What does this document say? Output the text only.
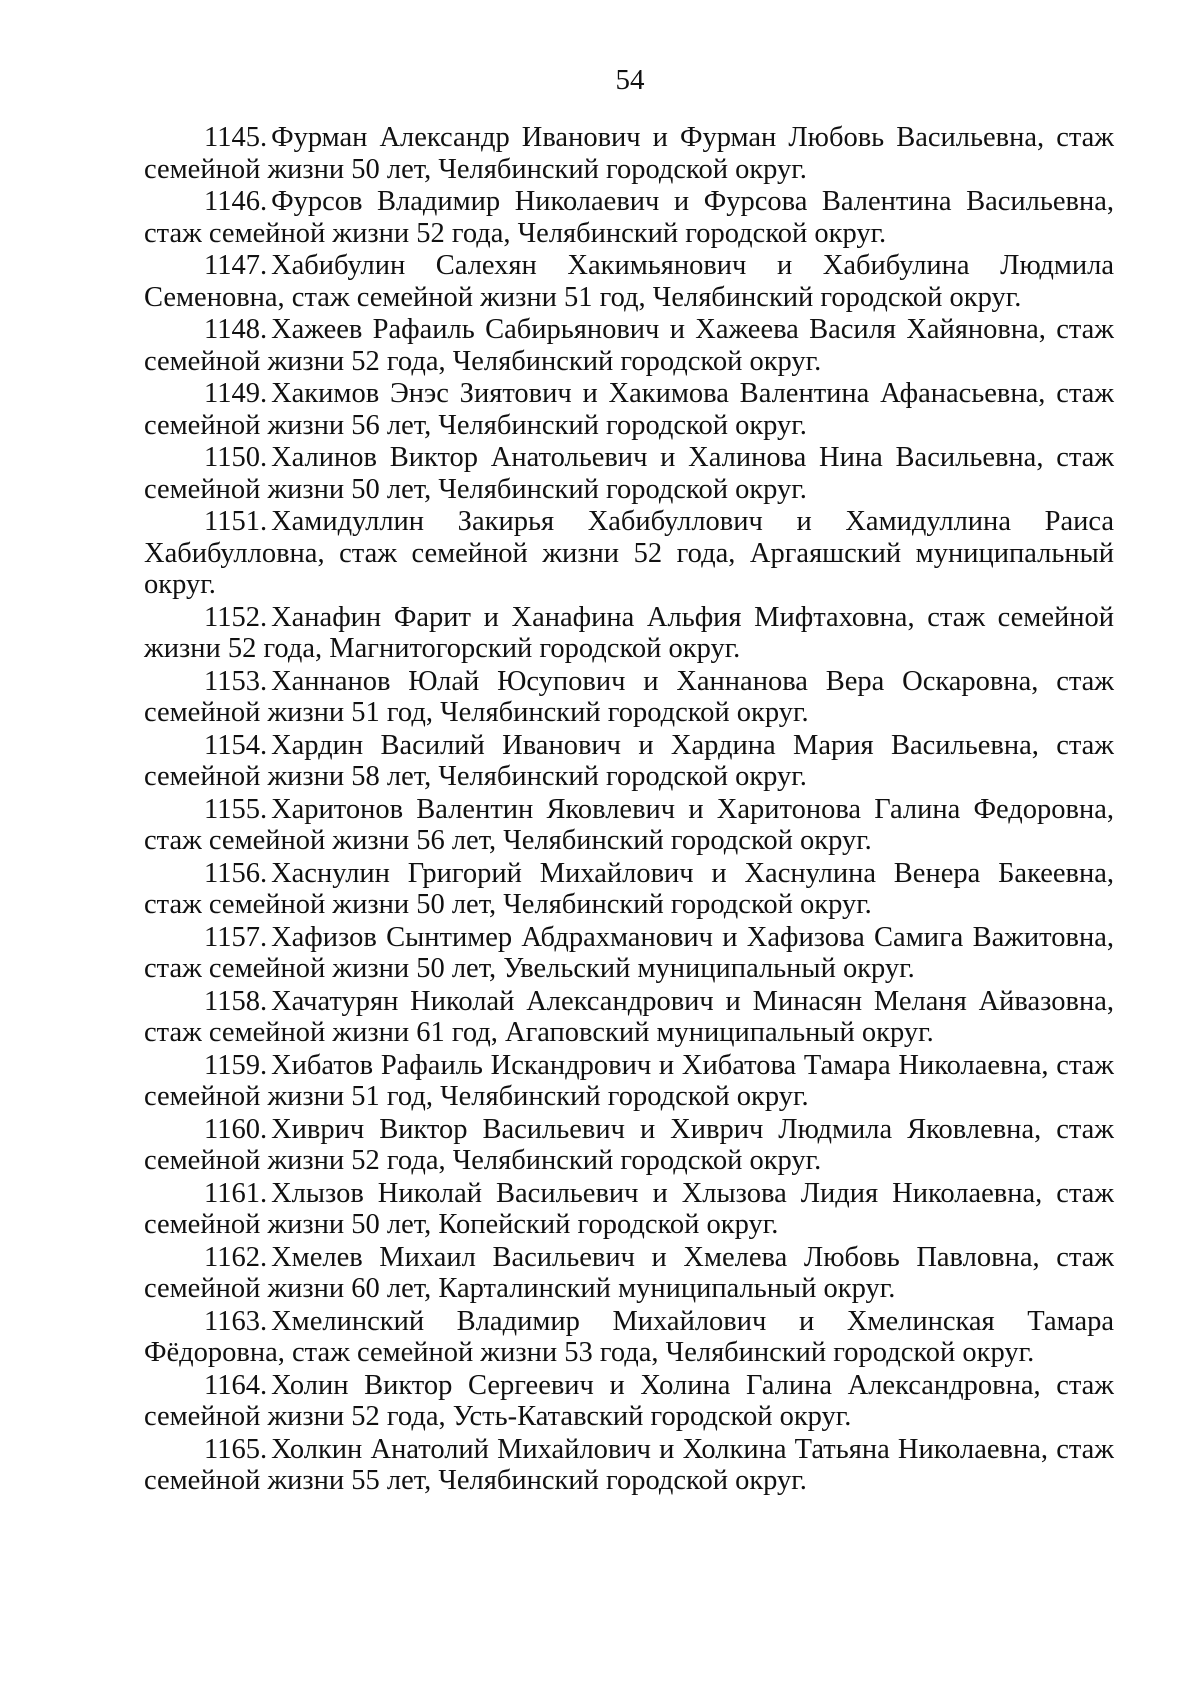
54
1145. Фурман Александр Иванович и Фурман Любовь Васильевна, стаж семейной жизни 50 лет, Челябинский городской округ.
1146. Фурсов Владимир Николаевич и Фурсова Валентина Васильевна, стаж семейной жизни 52 года, Челябинский городской округ.
1147. Хабибулин Салехян Хакимьянович и Хабибулина Людмила Семеновна, стаж семейной жизни 51 год, Челябинский городской округ.
1148. Хажеев Рафаиль Сабирьянович и Хажеева Василя Хайяновна, стаж семейной жизни 52 года, Челябинский городской округ.
1149. Хакимов Энэс Зиятович и Хакимова Валентина Афанасьевна, стаж семейной жизни 56 лет, Челябинский городской округ.
1150. Халинов Виктор Анатольевич и Халинова Нина Васильевна, стаж семейной жизни 50 лет, Челябинский городской округ.
1151. Хамидуллин Закирья Хабибуллович и Хамидуллина Раиса Хабибулловна, стаж семейной жизни 52 года, Аргаяшский муниципальный округ.
1152. Ханафин Фарит и Ханафина Альфия Мифтаховна, стаж семейной жизни 52 года, Магнитогорский городской округ.
1153. Ханнанов Юлай Юсупович и Ханнанова Вера Оскаровна, стаж семейной жизни 51 год, Челябинский городской округ.
1154. Хардин Василий Иванович и Хардина Мария Васильевна, стаж семейной жизни 58 лет, Челябинский городской округ.
1155. Харитонов Валентин Яковлевич и Харитонова Галина Федоровна, стаж семейной жизни 56 лет, Челябинский городской округ.
1156. Хаснулин Григорий Михайлович и Хаснулина Венера Бакеевна, стаж семейной жизни 50 лет, Челябинский городской округ.
1157. Хафизов Сынтимер Абдрахманович и Хафизова Самига Важитовна, стаж семейной жизни 50 лет, Увельский муниципальный округ.
1158. Хачатурян Николай Александрович и Минасян Меланя Айвазовна, стаж семейной жизни 61 год, Агаповский муниципальный округ.
1159. Хибатов Рафаиль Искандрович и Хибатова Тамара Николаевна, стаж семейной жизни 51 год, Челябинский городской округ.
1160. Хиврич Виктор Васильевич и Хиврич Людмила Яковлевна, стаж семейной жизни 52 года, Челябинский городской округ.
1161. Хлызов Николай Васильевич и Хлызова Лидия Николаевна, стаж семейной жизни 50 лет, Копейский городской округ.
1162. Хмелев Михаил Васильевич и Хмелева Любовь Павловна, стаж семейной жизни 60 лет, Карталинский муниципальный округ.
1163. Хмелинский Владимир Михайлович и Хмелинская Тамара Фёдоровна, стаж семейной жизни 53 года, Челябинский городской округ.
1164. Холин Виктор Сергеевич и Холина Галина Александровна, стаж семейной жизни 52 года, Усть-Катавский городской округ.
1165. Холкин Анатолий Михайлович и Холкина Татьяна Николаевна, стаж семейной жизни 55 лет, Челябинский городской округ.
